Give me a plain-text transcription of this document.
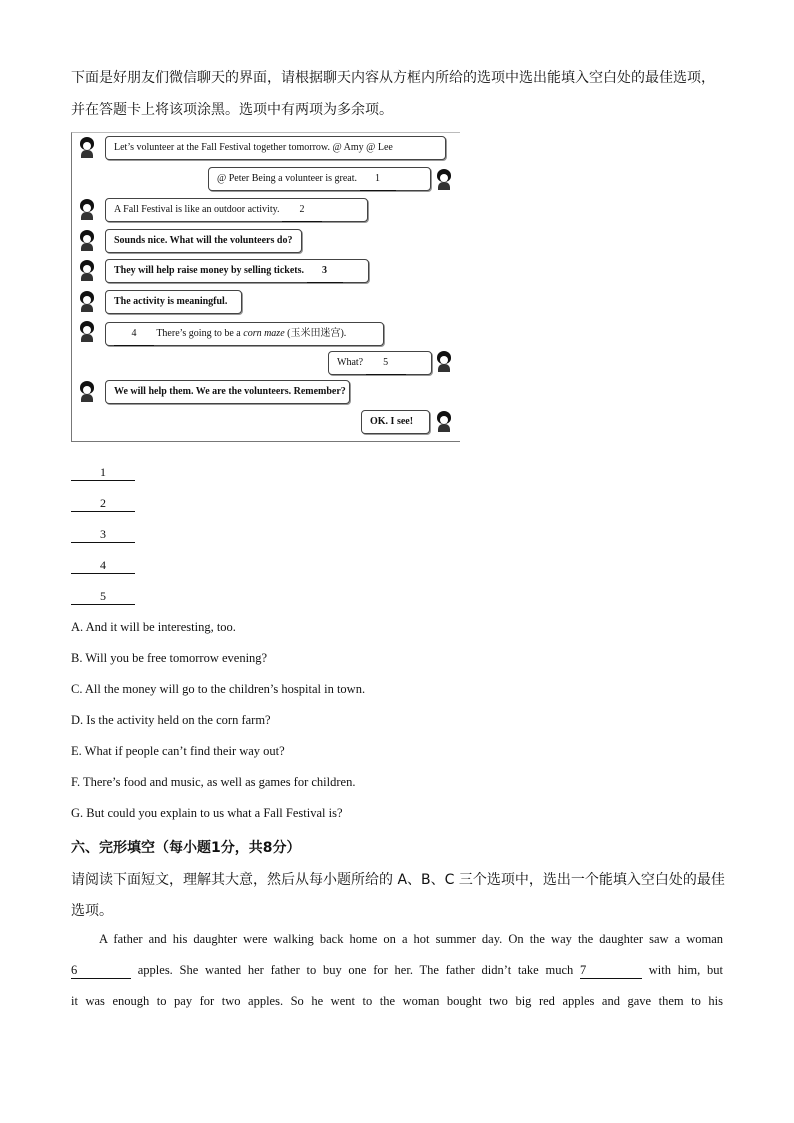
下面是好朋友们微信聊天的界面，请根据聊天内容从方框内所给的选项中选出能填入空白处的最佳选项，
并在答题卡上将该项涂黑。选项中有两项为多余项。
Let’s volunteer at the Fall Festival together tomorrow. @ Amy @ Lee
@ Peter Being a volunteer is great. 1
A Fall Festival is like an outdoor activity. 2
Sounds nice. What will the volunteers do?
They will help raise money by selling tickets. 3
The activity is meaningful.
4 There’s going to be a corn maze (玉米田迷宫).
What? 5
We will help them. We are the volunteers. Remember?
OK. I see!
1
2
3
4
5
A. And it will be interesting, too.
B. Will you be free tomorrow evening?
C. All the money will go to the children’s hospital in town.
D. Is the activity held on the corn farm?
E. What if people can’t find their way out?
F. There’s food and music, as well as games for children.
G. But could you explain to us what a Fall Festival is?
六、完形填空（每小题1分，共8分）
请阅读下面短文，理解其大意，然后从每小题所给的 A、B、C 三个选项中，选出一个能填入空白处的最佳
选项。
A father and his daughter were walking back home on a hot summer day. On the way the daughter saw a woman
6	apples. She wanted her father to buy one for her. The father didn’t take much 7	with him, but
it was enough to pay for two apples. So he went to the woman bought two big red apples and gave them to his
